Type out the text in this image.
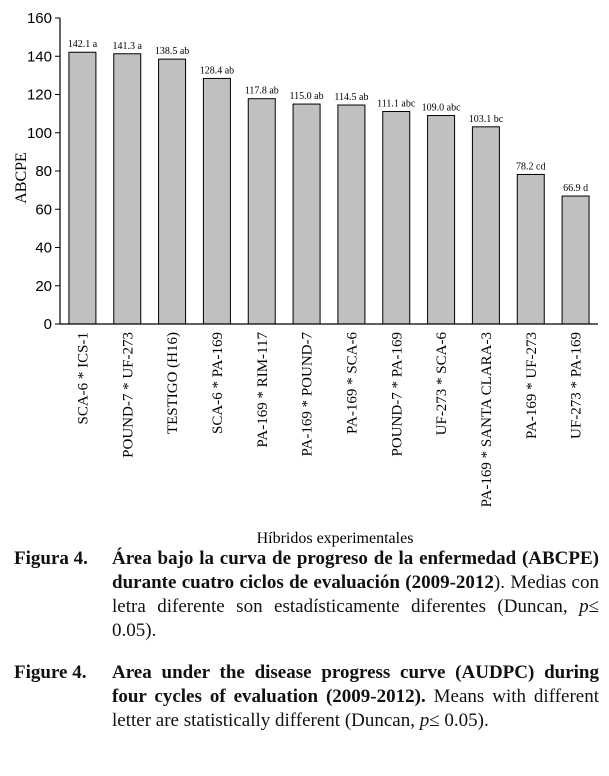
0
20
40
60
80
100
120
140
160
142.1 a 141.3 a 138.5 ab
128.4 ab
117.8 ab 115.0 ab 114.5 ab
111.1 abc 109.0 abc
103.1 bc
78.2 cd
66.9 d
SCA-6 * ICS-1 POUND-7 * UF-273 TESTIGO (H16) SCA-6 * PA-169 PA-169 * RIM-117 PA-169 * POUND-7 PA-169 * SCA-6 POUND-7 * PA-169 UF-273 * SCA-6 PA-169 * SANTA CLARA-3 PA-169 * UF-273 UF-273 * PA-169
ABCPE
Híbridos experimentales
Figura 4.	Área bajo la curva de progreso de la enfermedad (ABCPE) durante cuatro ciclos de evaluación (2009-2012). Medias con letra diferente son estadísticamente diferentes (Duncan, p≤ 0.05).
Figure 4.	Area under the disease progress curve (AUDPC) during four cycles of evaluation (2009-2012). Means with different letter are statistically different (Duncan, p≤ 0.05).
